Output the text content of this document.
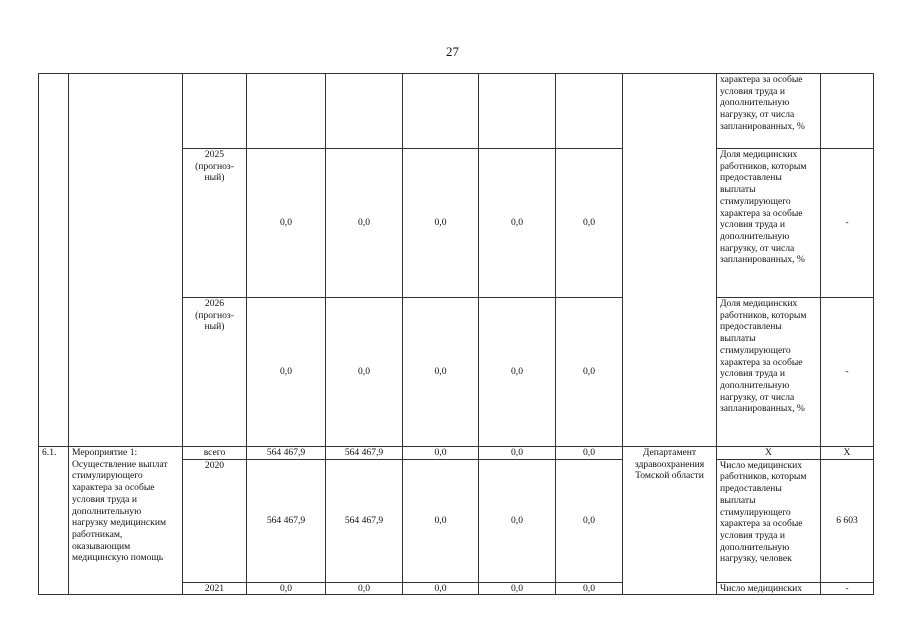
27
									характера за особые условия труда и дополнительную нагрузку, от числа запланированных, %	
		2025 (прогноз-ный)	0,0	0,0	0,0	0,0	0,0		Доля медицинских работников, которым предоставлены выплаты стимулирующего характера за особые условия труда и дополнительную нагрузку, от числа запланированных, %	-
		2026 (прогноз-ный)	0,0	0,0	0,0	0,0	0,0		Доля медицинских работников, которым предоставлены выплаты стимулирующего характера за особые условия труда и дополнительную нагрузку, от числа запланированных, %	-
6.1.	Мероприятие 1: Осуществление выплат стимулирующего характера за особые условия труда и дополнительную нагрузку медицинским работникам, оказывающим медицинскую помощь	всего	564 467,9	564 467,9	0,0	0,0	0,0	Департамент здравоохранения Томской области	Х	Х
		2020	564 467,9	564 467,9	0,0	0,0	0,0		Число медицинских работников, которым предоставлены выплаты стимулирующего характера за особые условия труда и дополнительную нагрузку, человек	6 603
		2021	0,0	0,0	0,0	0,0	0,0		Число медицинских	-
